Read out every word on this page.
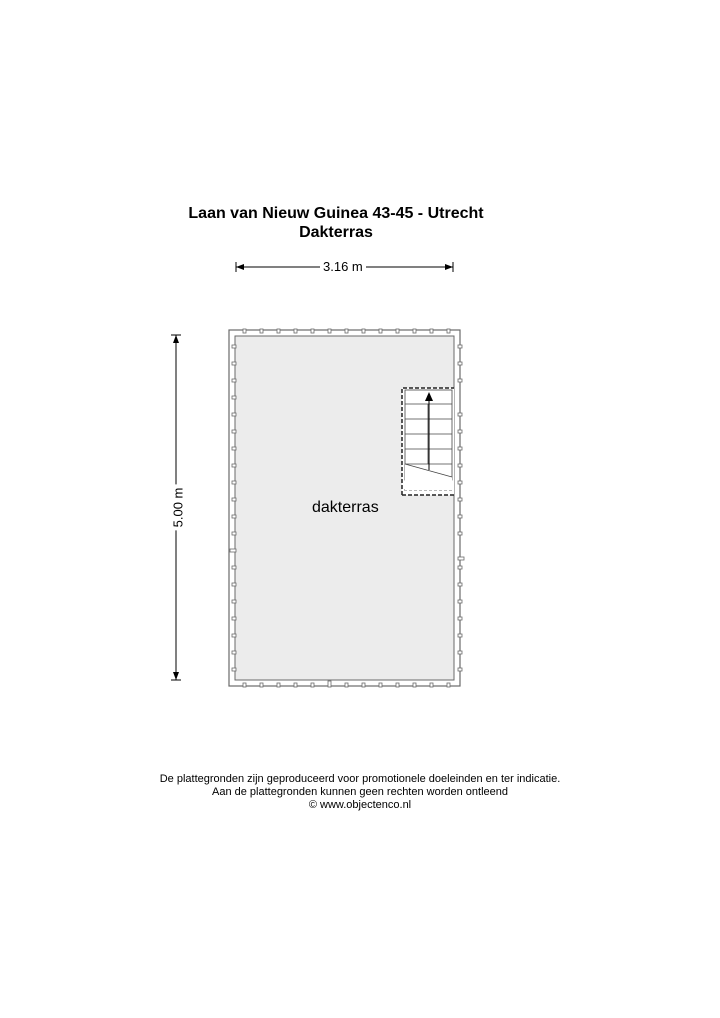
Laan van Nieuw Guinea 43-45 - Utrecht
Dakterras
3.16 m
5.00 m	dakterras
De plattegronden zijn geproduceerd voor promotionele doeleinden en ter indicatie.
Aan de plattegronden kunnen geen rechten worden ontleend
© www.objectenco.nl
